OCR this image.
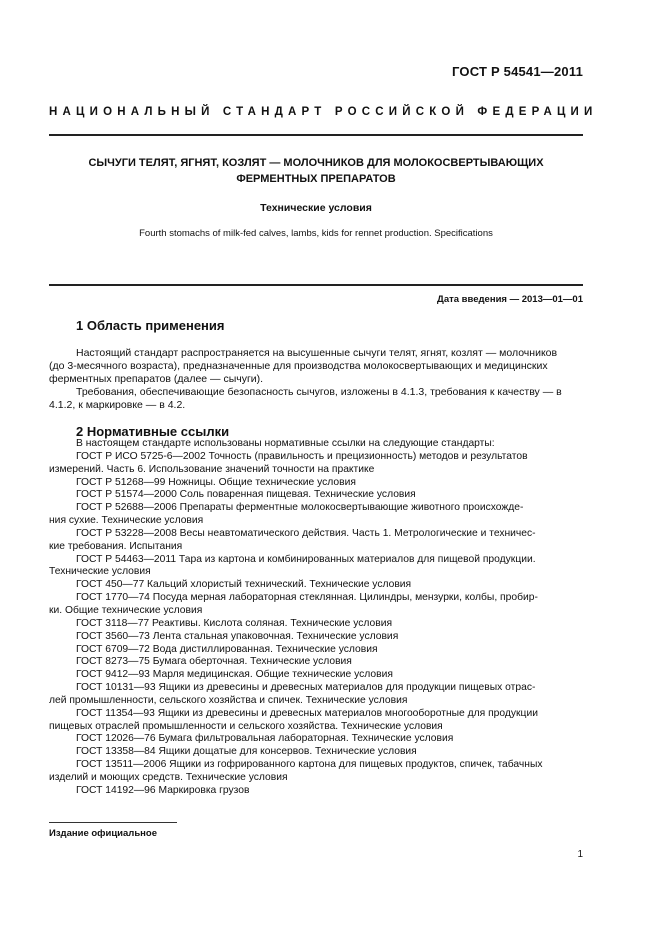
ГОСТ Р 54541—2011
НАЦИОНАЛЬНЫЙ СТАНДАРТ РОССИЙСКОЙ ФЕДЕРАЦИИ
СЫЧУГИ ТЕЛЯТ, ЯГНЯТ, КОЗЛЯТ — МОЛОЧНИКОВ ДЛЯ МОЛОКОСВЕРТЫВАЮЩИХ
ФЕРМЕНТНЫХ ПРЕПАРАТОВ
Технические условия
Fourth stomachs of milk-fed calves, lambs, kids for rennet production. Specifications
Дата введения — 2013—01—01
1 Область применения
Настоящий стандарт распространяется на высушенные сычуги телят, ягнят, козлят — молочников
(до 3-месячного возраста), предназначенные для производства молокосвертывающих и медицинских
ферментных препаратов (далее — сычуги).
Требования, обеспечивающие безопасность сычугов, изложены в 4.1.3, требования к качеству — в
4.1.2, к маркировке — в 4.2.
2 Нормативные ссылки
В настоящем стандарте использованы нормативные ссылки на следующие стандарты:
ГОСТ Р ИСО 5725-6—2002 Точность (правильность и прецизионность) методов и результатов
измерений. Часть 6. Использование значений точности на практике
ГОСТ Р 51268—99 Ножницы. Общие технические условия
ГОСТ Р 51574—2000 Соль поваренная пищевая. Технические условия
ГОСТ Р 52688—2006 Препараты ферментные молокосвертывающие животного происхожде-
ния сухие. Технические условия
ГОСТ Р 53228—2008 Весы неавтоматического действия. Часть 1. Метрологические и техничес-
кие требования. Испытания
ГОСТ Р 54463—2011 Тара из картона и комбинированных материалов для пищевой продукции.
Технические условия
ГОСТ 450—77 Кальций хлористый технический. Технические условия
ГОСТ 1770—74 Посуда мерная лабораторная стеклянная. Цилиндры, мензурки, колбы, пробир-
ки. Общие технические условия
ГОСТ 3118—77 Реактивы. Кислота соляная. Технические условия
ГОСТ 3560—73 Лента стальная упаковочная. Технические условия
ГОСТ 6709—72 Вода дистиллированная. Технические условия
ГОСТ 8273—75 Бумага оберточная. Технические условия
ГОСТ 9412—93 Марля медицинская. Общие технические условия
ГОСТ 10131—93 Ящики из древесины и древесных материалов для продукции пищевых отрас-
лей промышленности, сельского хозяйства и спичек. Технические условия
ГОСТ 11354—93 Ящики из древесины и древесных материалов многооборотные для продукции
пищевых отраслей промышленности и сельского хозяйства. Технические условия
ГОСТ 12026—76 Бумага фильтровальная лабораторная. Технические условия
ГОСТ 13358—84 Ящики дощатые для консервов. Технические условия
ГОСТ 13511—2006 Ящики из гофрированного картона для пищевых продуктов, спичек, табачных
изделий и моющих средств. Технические условия
ГОСТ 14192—96 Маркировка грузов
Издание официальное
1
